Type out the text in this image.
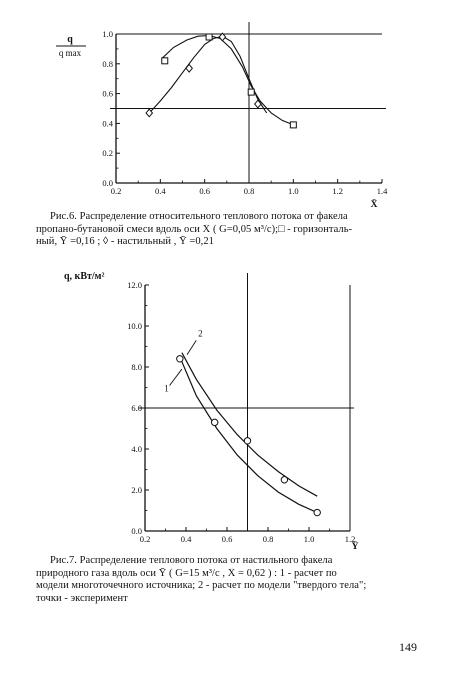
0.2	0.4	0.6	0.8	1.0	1.2	1.4
0.0
0.2
0.4
0.6
0.8
1.0
q
q max
X̄
Рис.6. Распределение относительного теплового потока от факела
пропано-бутановой смеси вдоль оси X̄ ( G=0,05 м³/с);□ - горизонталь-
ный, Ȳ =0,16 ; ◊ - настильный , Ȳ =0,21
0.2	0.4	0.6	0.8	1.0	1.2
0.0
2.0
4.0
6.0
8.0
10.0
12.0
1
2
q, кВт/м²
Ȳ
Рис.7. Распределение теплового потока от настильного факела
природного газа вдоль оси Ȳ ( G=15 м³/с , X̄ = 0,62 ) : 1 - расчет по
модели многоточечного источника; 2 - расчет по модели "твердого тела";
точки - эксперимент
149
